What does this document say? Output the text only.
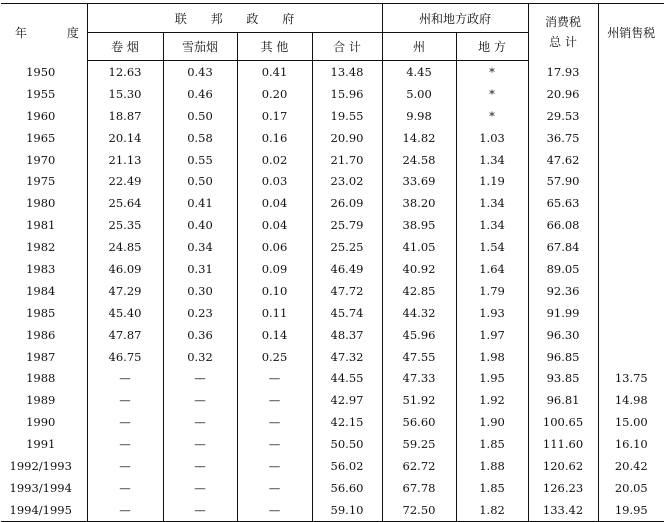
年 度	联 邦 政 府				州和地方政府		消费税
总 计	州销售税
	卷 烟	雪茄烟	其 他	合 计	州	地 方		
1950	12.63	0.43	0.41	13.48	4.45	*	17.93	
1955	15.30	0.46	0.20	15.96	5.00	*	20.96	
1960	18.87	0.50	0.17	19.55	9.98	*	29.53	
1965	20.14	0.58	0.16	20.90	14.82	1.03	36.75	
1970	21.13	0.55	0.02	21.70	24.58	1.34	47.62	
1975	22.49	0.50	0.03	23.02	33.69	1.19	57.90	
1980	25.64	0.41	0.04	26.09	38.20	1.34	65.63	
1981	25.35	0.40	0.04	25.79	38.95	1.34	66.08	
1982	24.85	0.34	0.06	25.25	41.05	1.54	67.84	
1983	46.09	0.31	0.09	46.49	40.92	1.64	89.05	
1984	47.29	0.30	0.10	47.72	42.85	1.79	92.36	
1985	45.40	0.23	0.11	45.74	44.32	1.93	91.99	
1986	47.87	0.36	0.14	48.37	45.96	1.97	96.30	
1987	46.75	0.32	0.25	47.32	47.55	1.98	96.85	
1988	—	—	—	44.55	47.33	1.95	93.85	13.75
1989	—	—	—	42.97	51.92	1.92	96.81	14.98
1990	—	—	—	42.15	56.60	1.90	100.65	15.00
1991	—	—	—	50.50	59.25	1.85	111.60	16.10
1992/1993	—	—	—	56.02	62.72	1.88	120.62	20.42
1993/1994	—	—	—	56.60	67.78	1.85	126.23	20.05
1994/1995	—	—	—	59.10	72.50	1.82	133.42	19.95
